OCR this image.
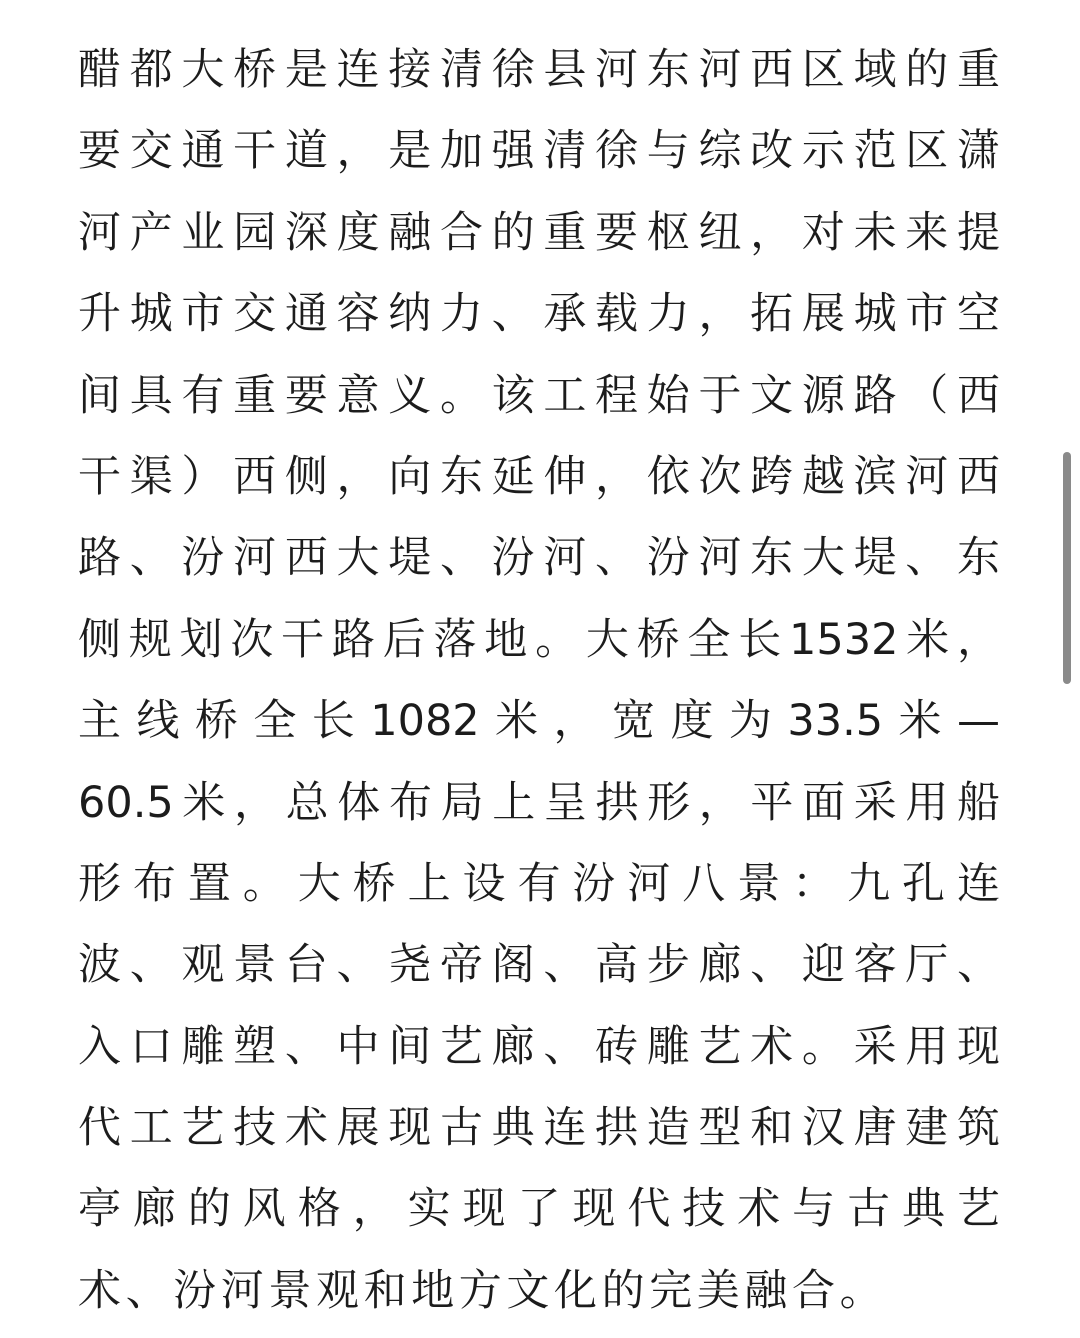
醋都大桥是连接清徐县河东河西区域的重
要交通干道，是加强清徐与综改示范区潇
河产业园深度融合的重要枢纽，对未来提
升城市交通容纳力、承载力，拓展城市空
间具有重要意义。该工程始于文源路（西
干渠）西侧，向东延伸，依次跨越滨河西
路、汾河西大堤、汾河、汾河东大堤、东
侧规划次干路后落地。大桥全长1532米，
主线桥全长1082米，宽度为33.5米—
60.5米，总体布局上呈拱形，平面采用船
形布置。大桥上设有汾河八景：九孔连
波、观景台、尧帝阁、高步廊、迎客厅、
入口雕塑、中间艺廊、砖雕艺术。采用现
代工艺技术展现古典连拱造型和汉唐建筑
亭廊的风格，实现了现代技术与古典艺
术、汾河景观和地方文化的完美融合。
